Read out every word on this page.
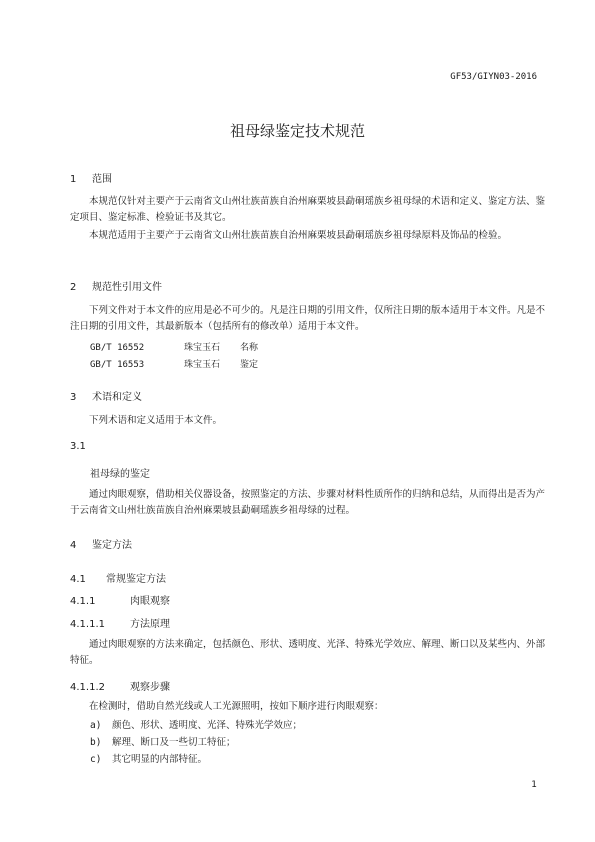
GF53/GIYN03-2016
祖母绿鉴定技术规范
1 范围
本规范仅针对主要产于云南省文山州壮族苗族自治州麻栗坡县勐硐瑶族乡祖母绿的术语和定义、鉴定方法、鉴定项目、鉴定标准、检验证书及其它。
本规范适用于主要产于云南省文山州壮族苗族自治州麻栗坡县勐硐瑶族乡祖母绿原料及饰品的检验。
2 规范性引用文件
下列文件对于本文件的应用是必不可少的。凡是注日期的引用文件，仅所注日期的版本适用于本文件。凡是不注日期的引用文件，其最新版本（包括所有的修改单）适用于本文件。
GB/T 16552	珠宝玉石 名称
GB/T 16553	珠宝玉石 鉴定
3 术语和定义
下列术语和定义适用于本文件。
3.1
祖母绿的鉴定
通过肉眼观察，借助相关仪器设备，按照鉴定的方法、步骤对材料性质所作的归纳和总结，从而得出是否为产于云南省文山州壮族苗族自治州麻栗坡县勐硐瑶族乡祖母绿的过程。
4 鉴定方法
4.1 常规鉴定方法
4.1.1	肉眼观察
4.1.1.1	方法原理
通过肉眼观察的方法来确定，包括颜色、形状、透明度、光泽、特殊光学效应、解理、断口以及某些内、外部特征。
4.1.1.2	观察步骤
在检测时，借助自然光线或人工光源照明，按如下顺序进行肉眼观察：
a) 颜色、形状、透明度、光泽、特殊光学效应；
b) 解理、断口及一些切工特征；
c) 其它明显的内部特征。
1
